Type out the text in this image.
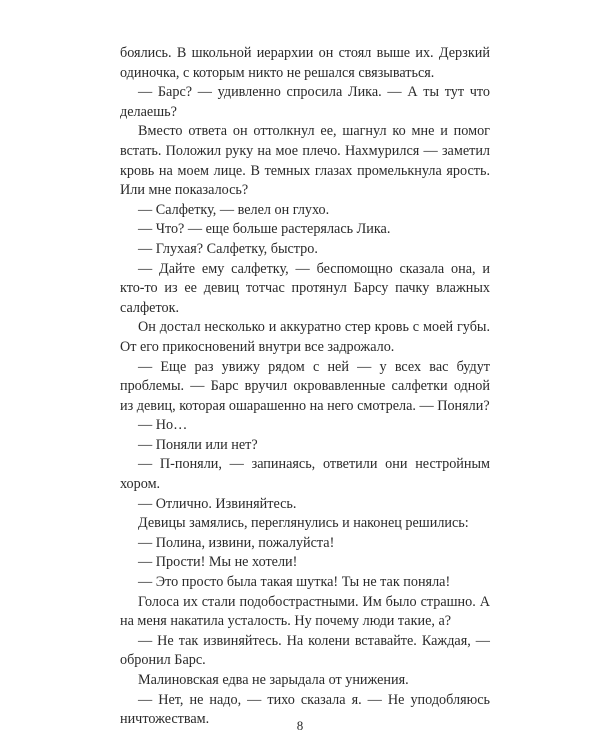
боялись. В школьной иерархии он стоял выше их. Дерзкий одиночка, с которым никто не решался связываться.

— Барс? — удивленно спросила Лика. — А ты тут что делаешь?

Вместо ответа он оттолкнул ее, шагнул ко мне и помог встать. Положил руку на мое плечо. Нахмурился — заметил кровь на моем лице. В темных глазах промелькнула ярость. Или мне показалось?

— Салфетку, — велел он глухо.

— Что? — еще больше растерялась Лика.

— Глухая? Салфетку, быстро.

— Дайте ему салфетку, — беспомощно сказала она, и кто-то из ее девиц тотчас протянул Барсу пачку влажных салфеток.

Он достал несколько и аккуратно стер кровь с моей губы. От его прикосновений внутри все задрожало.

— Еще раз увижу рядом с ней — у всех вас будут проблемы. — Барс вручил окровавленные салфетки одной из девиц, которая ошарашенно на него смотрела. — Поняли?

— Но…

— Поняли или нет?

— П-поняли, — запинаясь, ответили они нестройным хором.

— Отлично. Извиняйтесь.

Девицы замялись, переглянулись и наконец решились:

— Полина, извини, пожалуйста!

— Прости! Мы не хотели!

— Это просто была такая шутка! Ты не так поняла!

Голоса их стали подобострастными. Им было страшно. А на меня накатила усталость. Ну почему люди такие, а?

— Не так извиняйтесь. На колени вставайте. Каждая, — обронил Барс.

Малиновская едва не зарыдала от унижения.

— Нет, не надо, — тихо сказала я. — Не уподобляюсь ничтожествам.	8
